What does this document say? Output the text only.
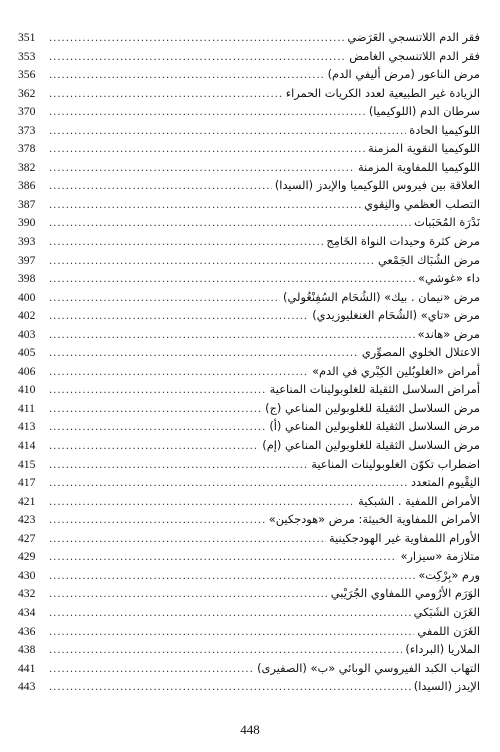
351 .....	فقر الدم اللاتنسجي العَرَضي
353 .....	فقر الدم اللاتنسجي الغامض
356 .....	مرض الناعور (مرض أليفي الدم)
362 .....	الزيادة غير الطبيعية لعدد الكريات الحمراء
370 .....	سرطان الدم (اللوكيميا)
373 .....	اللوكيميا الحادة
378 .....	اللوكيميا النقوية المزمنة
382 .....	اللوكيميا اللمفاوية المزمنة
386 .....	العلاقة بين فيروس اللوكيميا والإيدز (السيدا)
387 .....	التصلب العظمي والنِقوي
390 .....	نَدْرَة المُحَبَبات
393 .....	مرض كثرة وحيدات النواة الخَامِج
397 .....	مرض الشُبَاك الجَمْعي
398 .....	داء «غوشي»
400 .....	مرض «نيمان . بيك» (الشُحَام السُفِنْغُولي)
402 .....	مرض «تاي» (الشُحَام الغنغليوزيدي)
403 .....	مرض «هاند»
405 .....	الاعتلال الخلوي المصوِّري
406 .....	أمراض «الغلوبُلين الكِبْري في الدم»
410 .....	أمراض السلاسل الثقيلة للغلوبولينات المناعية
411 .....	مرض السلاسل الثقيلة للغلوبولين المناعي (ج)
413 .....	مرض السلاسل الثقيلة للغلوبولين المناعي (أ)
414 .....	مرض السلاسل الثقيلة للغلوبولين المناعي (إم)
415 .....	اضطراب تكوّن الغلوبولينات المناعية
417 .....	النِقْيوم المتعدد
421 .....	الأمراض اللمفية . الشبكية
423 .....	الأمراض اللمفاوية الخبيثة: مرض «هودجكين»
427 .....	الأورام اللمفاوية غير الهودجكينية
429 .....	متلازمة «سيزار»
430 .....	ورم «بِرْكِت»
432 .....	الوَرَم الأرُومي اللمفاوي الجُرَيْبي
434 .....	الغَرَن الشَبَكي
436 .....	الغَرَن اللمفي
438 .....	الملاريا (البرداء)
441 .....	التهاب الكبد الفيروسي الوبائي «ب» (الصفيرى)
443 .....	الإيدز (السيدا)
448
